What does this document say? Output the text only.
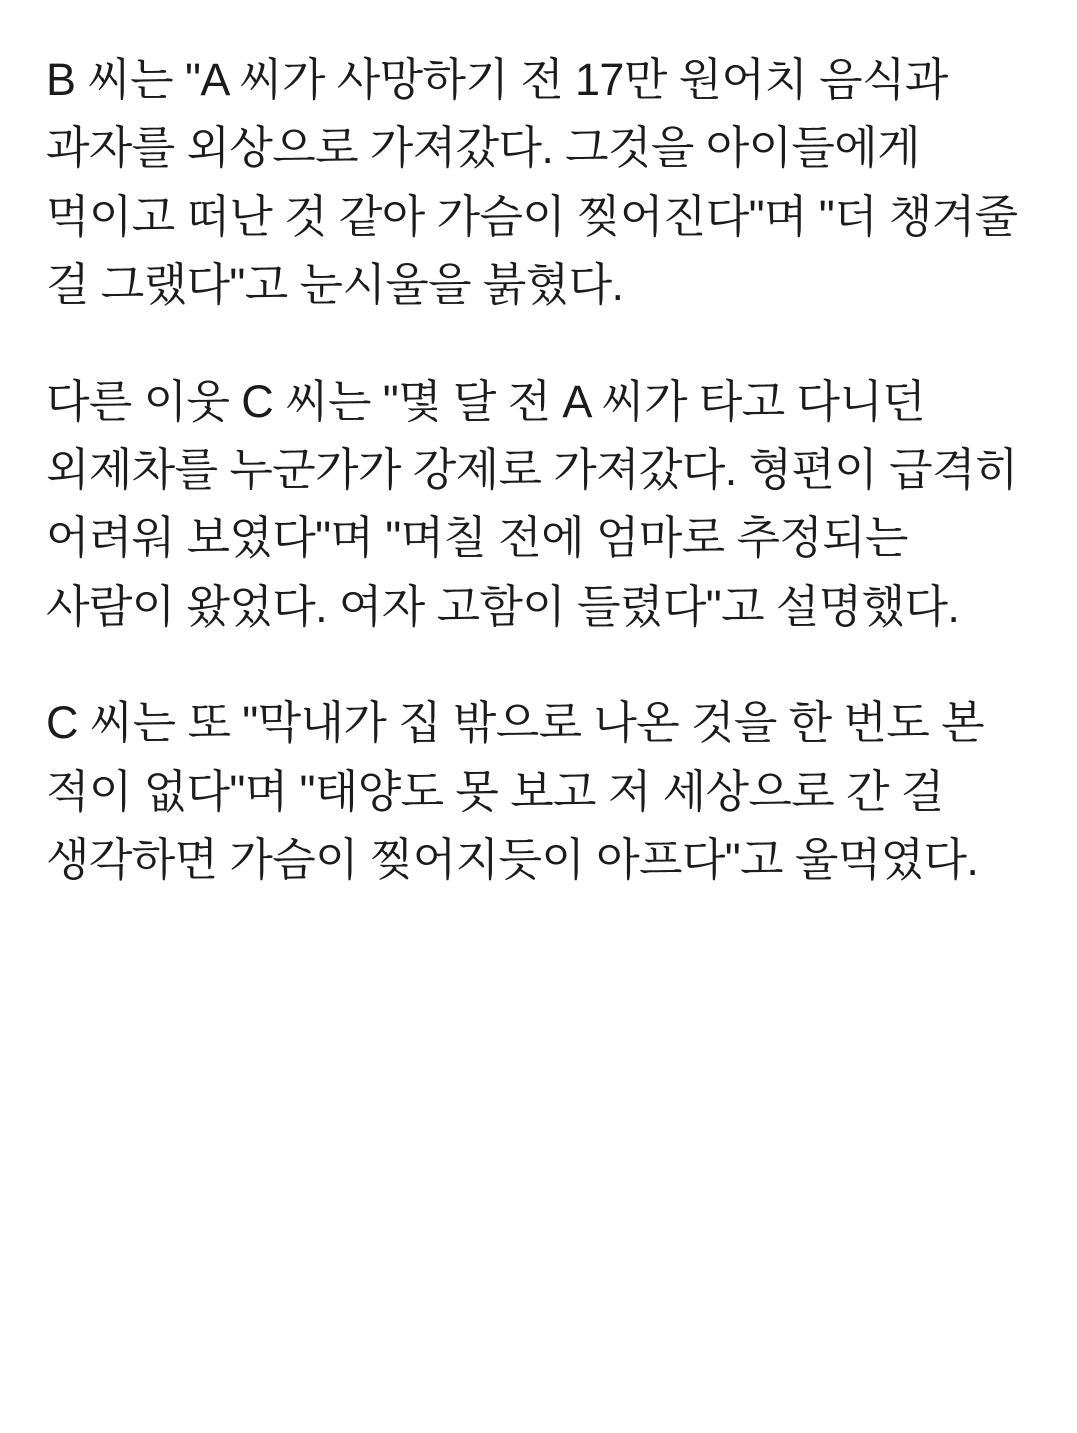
B 씨는 "A 씨가 사망하기 전 17만 원어치 음식과 과자를 외상으로 가져갔다. 그것을 아이들에게 먹이고 떠난 것 같아 가슴이 찢어진다"며 "더 챙겨줄 걸 그랬다"고 눈시울을 붉혔다.

다른 이웃 C 씨는 "몇 달 전 A 씨가 타고 다니던 외제차를 누군가가 강제로 가져갔다. 형편이 급격히 어려워 보였다"며 "며칠 전에 엄마로 추정되는 사람이 왔었다. 여자 고함이 들렸다"고 설명했다.

C 씨는 또 "막내가 집 밖으로 나온 것을 한 번도 본 적이 없다"며 "태양도 못 보고 저 세상으로 간 걸 생각하면 가슴이 찢어지듯이 아프다"고 울먹였다.
